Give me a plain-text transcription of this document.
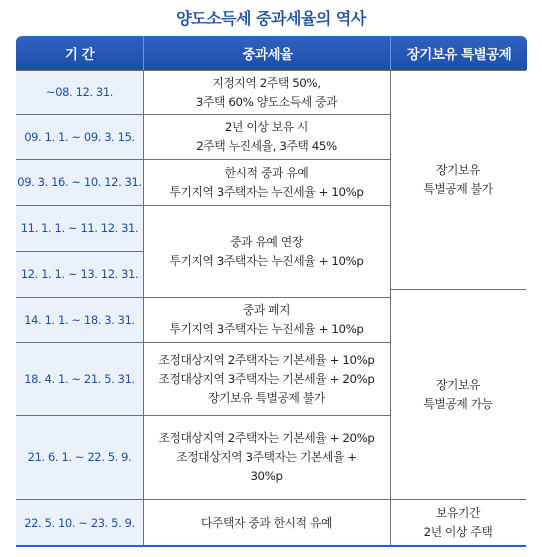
양도소득세 중과세율의 역사
기 간	중과세율	장기보유 특별공제
~08. 12. 31.
09. 1. 1. ~ 09. 3. 15.
09. 3. 16. ~ 10. 12. 31.
11. 1. 1. ~ 11. 12. 31.
12. 1. 1. ~ 13. 12. 31.
14. 1. 1. ~ 18. 3. 31.
18. 4. 1. ~ 21. 5. 31.
21. 6. 1. ~ 22. 5. 9.
22. 5. 10. ~ 23. 5. 9.
지정지역 2주택 50%,
3주택 60% 양도소득세 중과
2년 이상 보유 시
2주택 누진세율, 3주택 45%
한시적 중과 유예
투기지역 3주택자는 누진세율 + 10%p
중과 유예 연장
투기지역 3주택자는 누진세율 + 10%p
중과 폐지
투기지역 3주택자는 누진세율 + 10%p
조정대상지역 2주택자는 기본세율 + 10%p
조정대상지역 3주택자는 기본세율 + 20%p
장기보유 특별공제 불가
조정대상지역 2주택자는 기본세율 + 20%p
조정대상지역 3주택자는 기본세율 +
30%p
다주택자 중과 한시적 유예
장기보유
특별공제 불가
장기보유
특별공제 가능
보유기간
2년 이상 주택
